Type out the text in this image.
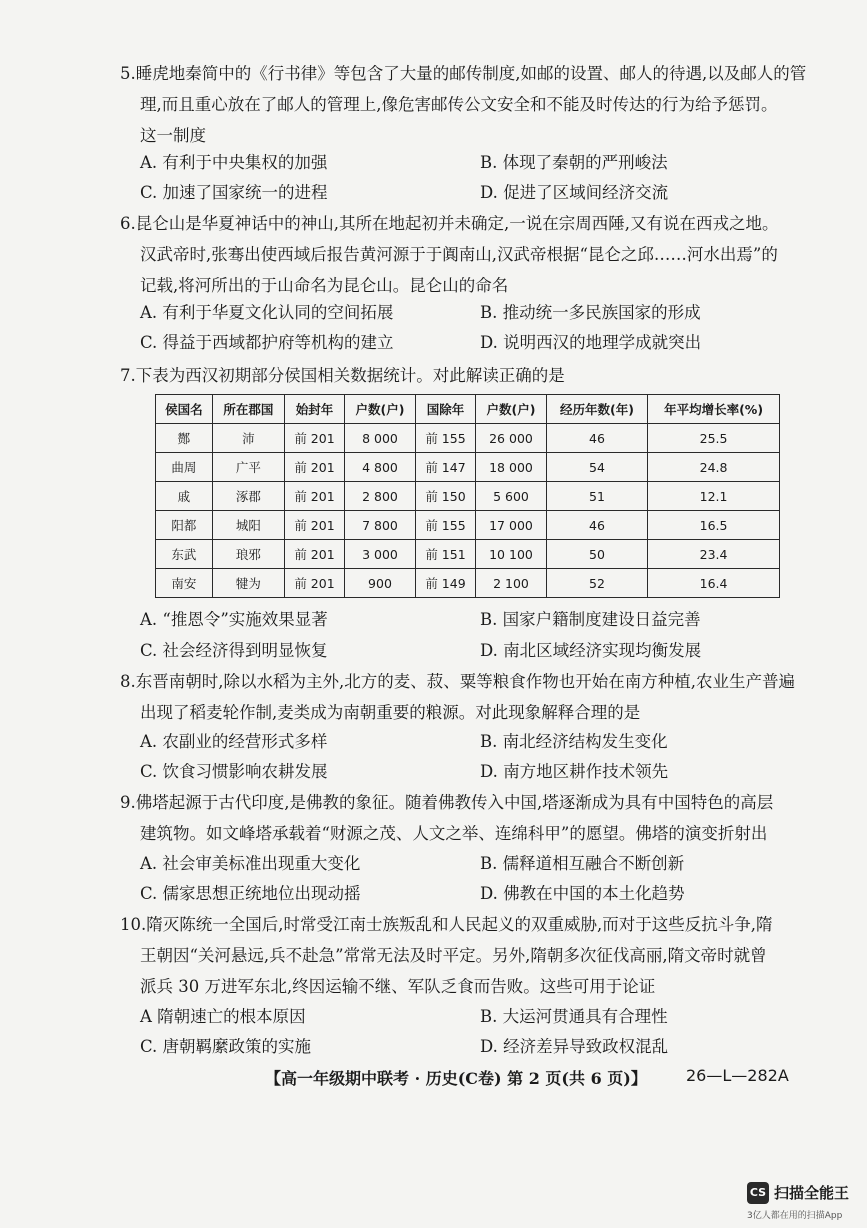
5.睡虎地秦简中的《行书律》等包含了大量的邮传制度,如邮的设置、邮人的待遇,以及邮人的管
理,而且重心放在了邮人的管理上,像危害邮传公文安全和不能及时传达的行为给予惩罚。
这一制度
A. 有利于中央集权的加强	B. 体现了秦朝的严刑峻法
C. 加速了国家统一的进程	D. 促进了区域间经济交流
6.昆仑山是华夏神话中的神山,其所在地起初并未确定,一说在宗周西陲,又有说在西戎之地。
汉武帝时,张骞出使西域后报告黄河源于于阗南山,汉武帝根据“昆仑之邱……河水出焉”的
记载,将河所出的于山命名为昆仑山。昆仑山的命名
A. 有利于华夏文化认同的空间拓展	B. 推动统一多民族国家的形成
C. 得益于西域都护府等机构的建立	D. 说明西汉的地理学成就突出
7.下表为西汉初期部分侯国相关数据统计。对此解读正确的是
侯国名	所在郡国	始封年	户数(户)	国除年	户数(户)	经历年数(年)	年平均增长率(%)
酂	沛	前 201	8 000	前 155	26 000	46	25.5
曲周	广平	前 201	4 800	前 147	18 000	54	24.8
戚	涿郡	前 201	2 800	前 150	5 600	51	12.1
阳都	城阳	前 201	7 800	前 155	17 000	46	16.5
东武	琅邪	前 201	3 000	前 151	10 100	50	23.4
南安	犍为	前 201	900	前 149	2 100	52	16.4
A. “推恩令”实施效果显著	B. 国家户籍制度建设日益完善
C. 社会经济得到明显恢复	D. 南北区域经济实现均衡发展
8.东晋南朝时,除以水稻为主外,北方的麦、菽、粟等粮食作物也开始在南方种植,农业生产普遍
出现了稻麦轮作制,麦类成为南朝重要的粮源。对此现象解释合理的是
A. 农副业的经营形式多样	B. 南北经济结构发生变化
C. 饮食习惯影响农耕发展	D. 南方地区耕作技术领先
9.佛塔起源于古代印度,是佛教的象征。随着佛教传入中国,塔逐渐成为具有中国特色的高层
建筑物。如文峰塔承载着“财源之茂、人文之举、连绵科甲”的愿望。佛塔的演变折射出
A. 社会审美标准出现重大变化	B. 儒释道相互融合不断创新
C. 儒家思想正统地位出现动摇	D. 佛教在中国的本土化趋势
10.隋灭陈统一全国后,时常受江南士族叛乱和人民起义的双重威胁,而对于这些反抗斗争,隋
王朝因“关河悬远,兵不赴急”常常无法及时平定。另外,隋朝多次征伐高丽,隋文帝时就曾
派兵 30 万进军东北,终因运输不继、军队乏食而告败。这些可用于论证
A 隋朝速亡的根本原因	B. 大运河贯通具有合理性
C. 唐朝羁縻政策的实施	D. 经济差异导致政权混乱
【高一年级期中联考 · 历史(C卷) 第 2 页(共 6 页)】 26—L—282A
CS 扫描全能王
3亿人都在用的扫描App
